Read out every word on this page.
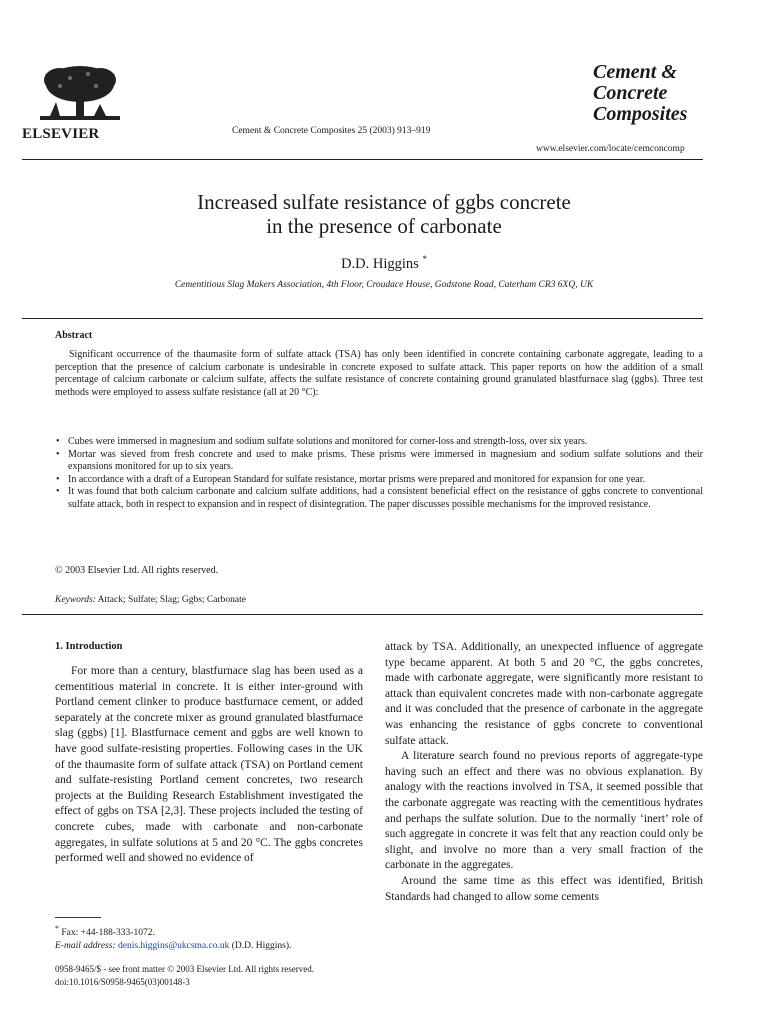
ELSEVIER	Cement & Concrete Composites 25 (2003) 913–919
Cement &
Concrete
Composites
www.elsevier.com/locate/cemconcomp
Increased sulfate resistance of ggbs concrete
in the presence of carbonate
D.D. Higgins *
Cementitious Slag Makers Association, 4th Floor, Croudace House, Godstone Road, Caterham CR3 6XQ, UK
Abstract

Significant occurrence of the thaumasite form of sulfate attack (TSA) has only been identified in concrete containing carbonate aggregate, leading to a perception that the presence of calcium carbonate is undesirable in concrete exposed to sulfate attack. This paper reports on how the addition of a small percentage of calcium carbonate or calcium sulfate, affects the sulfate resistance of concrete containing ground granulated blastfurnace slag (ggbs). Three test methods were employed to assess sulfate resistance (all at 20 °C):

• Cubes were immersed in magnesium and sodium sulfate solutions and monitored for corner-loss and strength-loss, over six years.
• Mortar was sieved from fresh concrete and used to make prisms. These prisms were immersed in magnesium and sodium sulfate solutions and their expansions monitored for up to six years.
• In accordance with a draft of a European Standard for sulfate resistance, mortar prisms were prepared and monitored for expansion for one year.
• It was found that both calcium carbonate and calcium sulfate additions, had a consistent beneficial effect on the resistance of ggbs concrete to conventional sulfate attack, both in respect to expansion and in respect of disintegration. The paper discusses possible mechanisms for the improved resistance.
© 2003 Elsevier Ltd. All rights reserved.
Keywords: Attack; Sulfate; Slag; Ggbs; Carbonate
1. Introduction

For more than a century, blastfurnace slag has been used as a cementitious material in concrete. It is either inter-ground with Portland cement clinker to produce bastfurnace cement, or added separately at the concrete mixer as ground granulated blastfurnace slag (ggbs) [1]. Blastfurnace cement and ggbs are well known to have good sulfate-resisting properties. Following cases in the UK of the thaumasite form of sulfate attack (TSA) on Portland cement and sulfate-resisting Portland cement concretes, two research projects at the Building Research Establishment investigated the effect of ggbs on TSA [2,3]. These projects included the testing of concrete cubes, made with carbonate and non-carbonate aggregates, in sulfate solutions at 5 and 20 °C. The ggbs concretes performed well and showed no evidence of

attack by TSA. Additionally, an unexpected influence of aggregate type became apparent. At both 5 and 20 °C, the ggbs concretes, made with carbonate aggregate, were significantly more resistant to attack than equivalent concretes made with non-carbonate aggregate and it was concluded that the presence of carbonate in the aggregate was enhancing the resistance of ggbs concrete to conventional sulfate attack.

A literature search found no previous reports of aggregate-type having such an effect and there was no obvious explanation. By analogy with the reactions involved in TSA, it seemed possible that the carbonate aggregate was reacting with the cementitious hydrates and perhaps the sulfate solution. Due to the normally ‘inert’ role of such aggregate in concrete it was felt that any reaction could only be slight, and involve no more than a very small fraction of the carbonate in the aggregates.

Around the same time as this effect was identified, British Standards had changed to allow some cements

* Fax: +44-188-333-1072.
E-mail address: denis.higgins@ukcsma.co.uk (D.D. Higgins).
0958-9465/$ - see front matter © 2003 Elsevier Ltd. All rights reserved.
doi:10.1016/S0958-9465(03)00148-3
